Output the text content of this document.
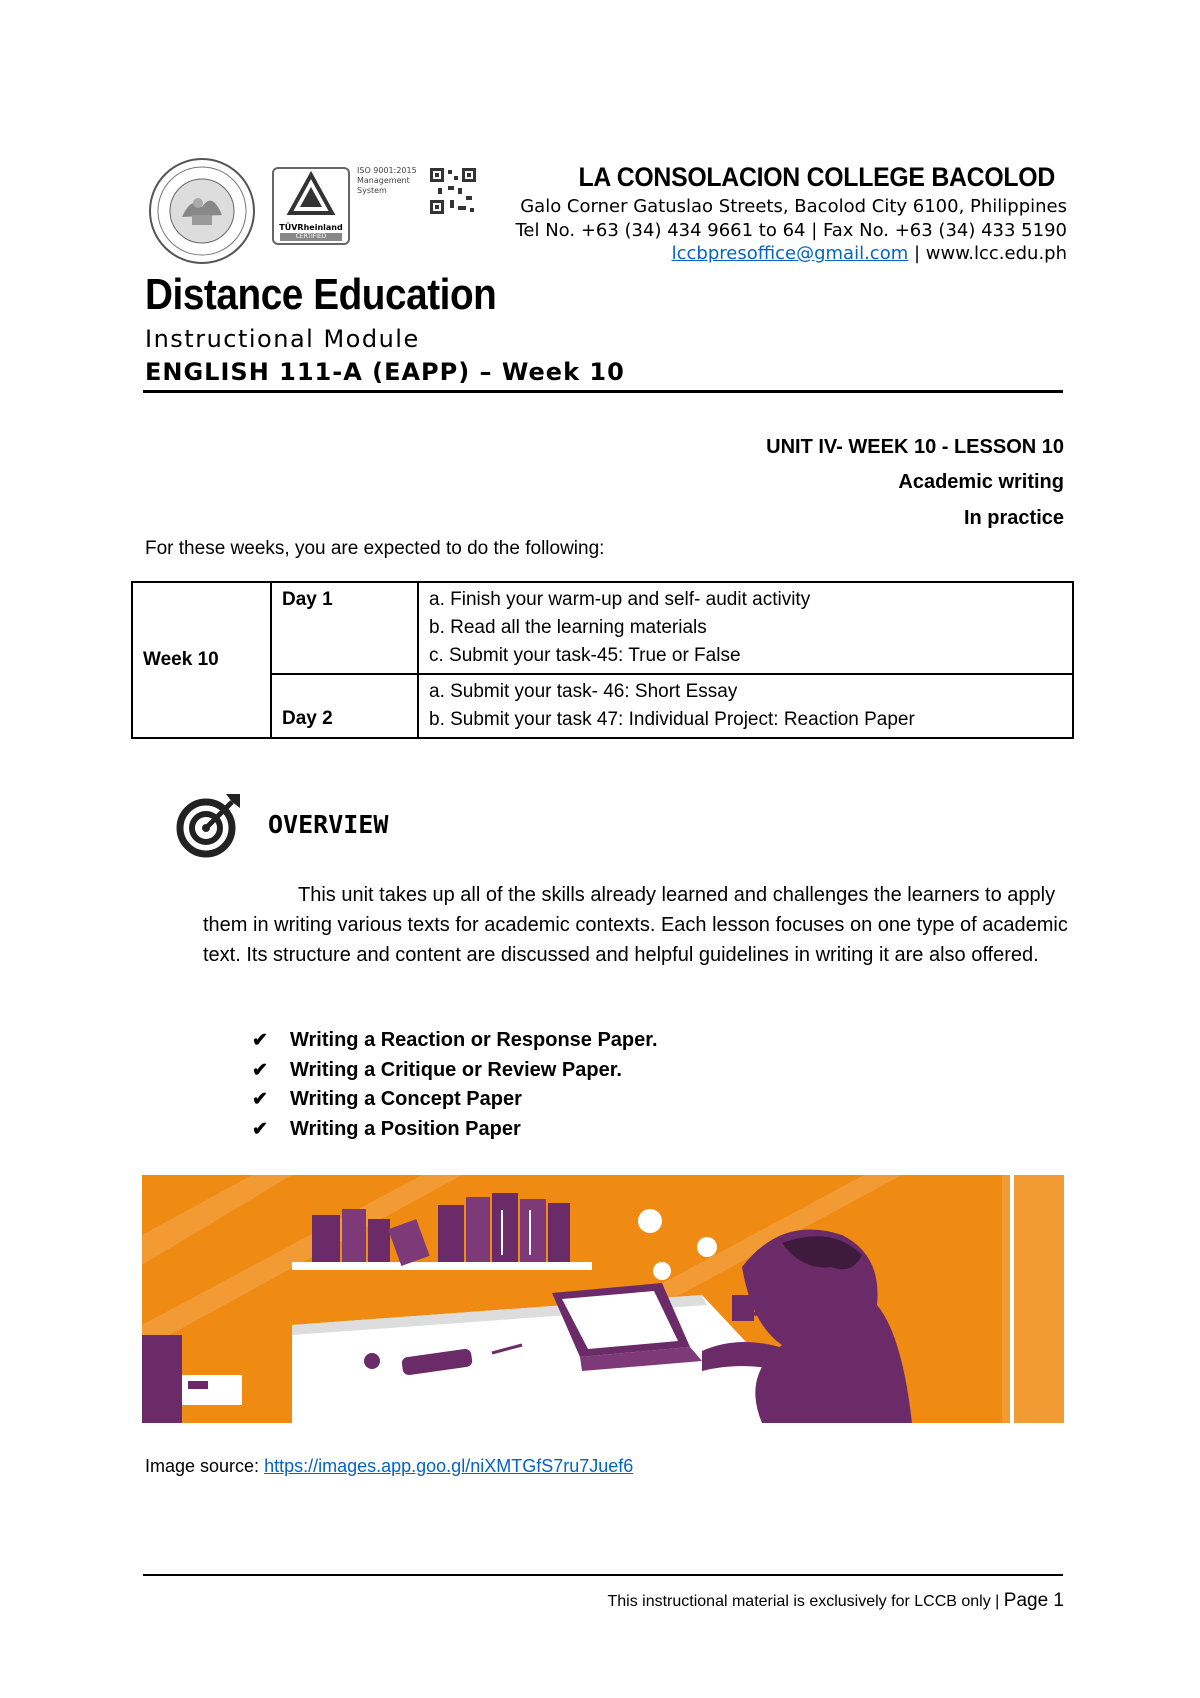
TÜVRheinland
CERTIFIED
ISO 9001:2015 Management System	LA CONSOLACION COLLEGE BACOLOD
Galo Corner Gatuslao Streets, Bacolod City 6100, Philippines
Tel No. +63 (34) 434 9661 to 64 | Fax No. +63 (34) 433 5190
lccbpresoffice@gmail.com | www.lcc.edu.ph
Distance Education
Instructional Module
ENGLISH 111-A (EAPP) – Week 10
UNIT IV- WEEK 10 - LESSON 10
Academic writing
In practice
For these weeks, you are expected to do the following:
Week 10	Day 1	a. Finish your warm-up and self- audit activity
b. Read all the learning materials
c. Submit your task-45: True or False

	Day 2	a. Submit your task- 46: Short Essay
b. Submit your task 47: Individual Project: Reaction Paper
OVERVIEW
This unit takes up all of the skills already learned and challenges the learners to apply them in writing various texts for academic contexts. Each lesson focuses on one type of academic text. Its structure and content are discussed and helpful guidelines in writing it are also offered.
✔ Writing a Reaction or Response Paper.
✔ Writing a Critique or Review Paper.
✔ Writing a Concept Paper
✔ Writing a Position Paper
Image source: https://images.app.goo.gl/niXMTGfS7ru7Juef6
This instructional material is exclusively for LCCB only | Page 1
